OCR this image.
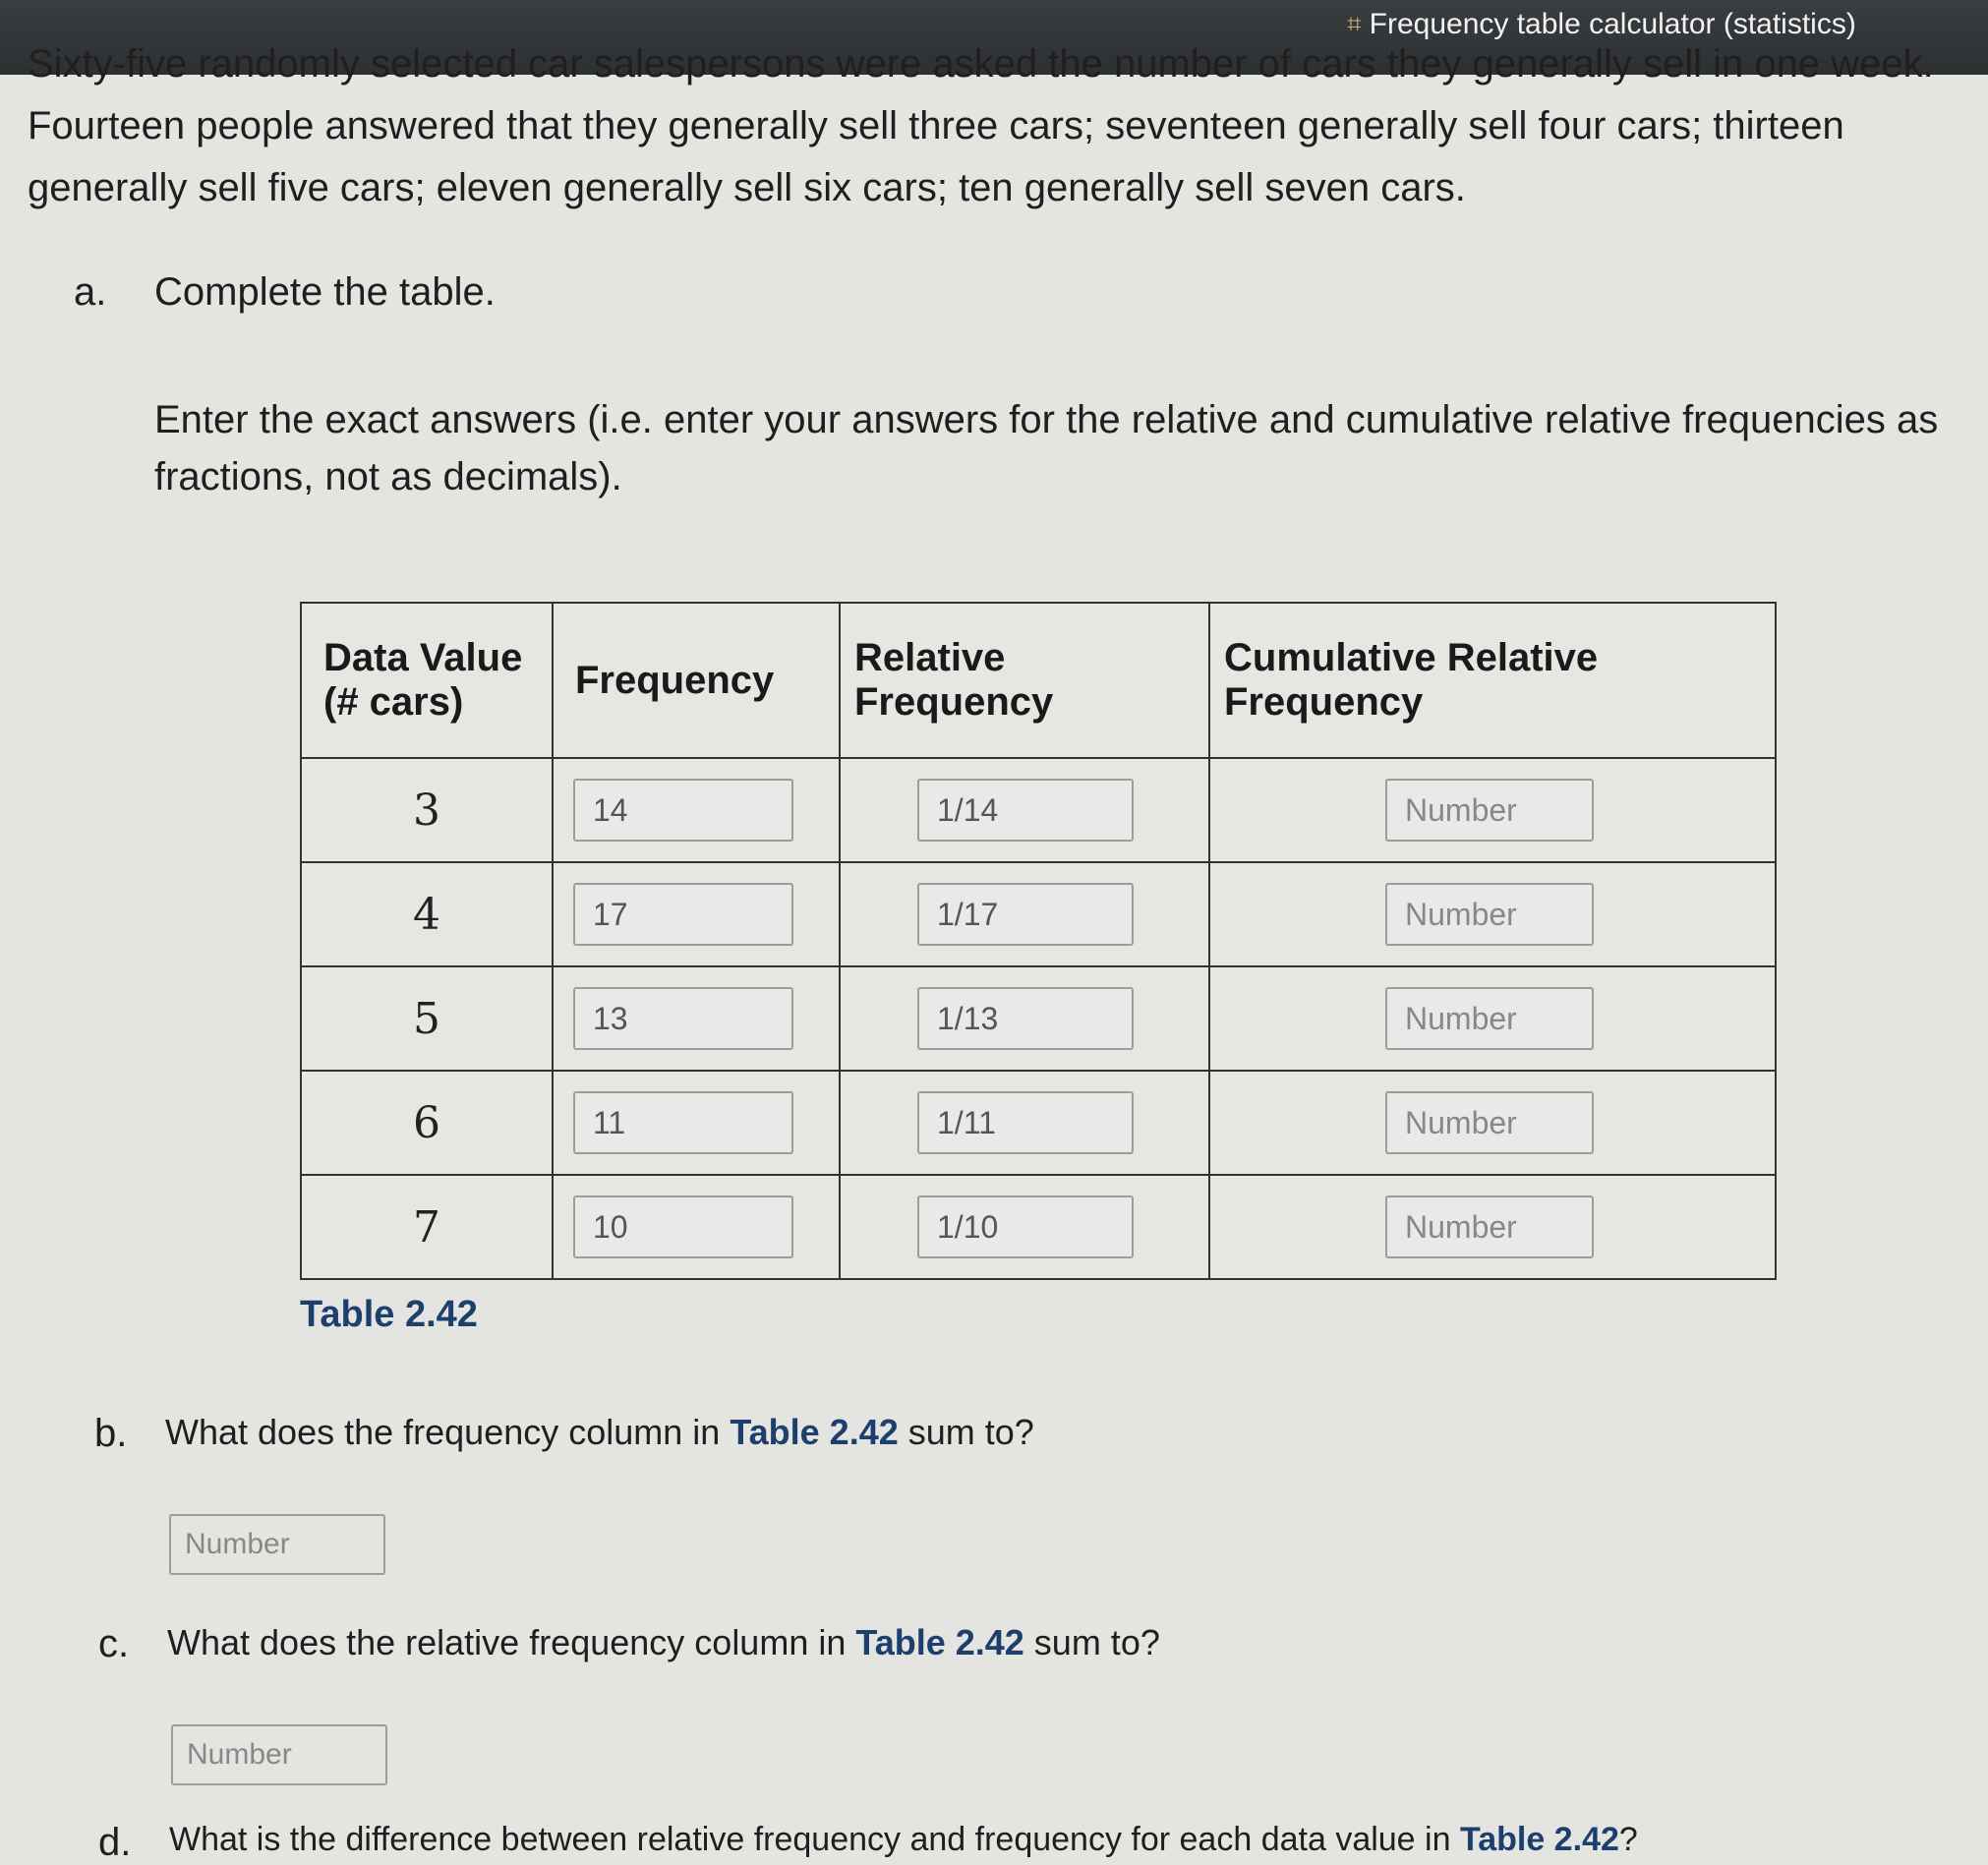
⌗ Frequency table calculator (statistics)
Sixty-five randomly selected car salespersons were asked the number of cars they generally sell in one week. Fourteen people answered that they generally sell three cars; seventeen generally sell four cars; thirteen generally sell five cars; eleven generally sell six cars; ten generally sell seven cars.
a. Complete the table.
Enter the exact answers (i.e. enter your answers for the relative and cumulative relative frequencies as fractions, not as decimals).
Data Value (# cars)	Frequency	Relative Frequency	Cumulative Relative Frequency
3	14	1/14	Number

4	17	1/17	Number

5	13	1/13	Number

6	11	1/11	Number

7	10	1/10	Number
Table 2.42
b. What does the frequency column in Table 2.42 sum to?
Number
c. What does the relative frequency column in Table 2.42 sum to?
Number
d. What is the difference between relative frequency and frequency for each data value in Table 2.42?
